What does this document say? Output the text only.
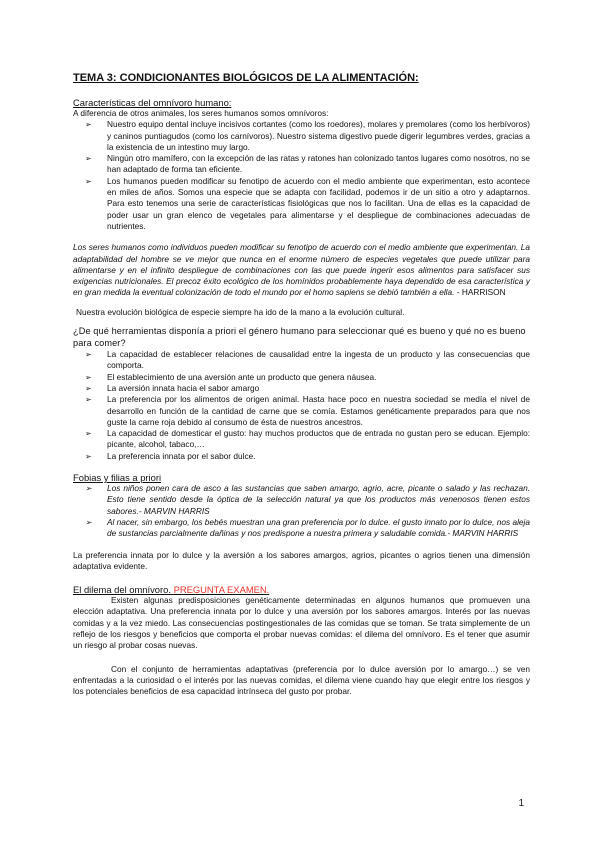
TEMA 3: CONDICIONANTES BIOLÓGICOS DE LA ALIMENTACIÓN:

Características del omnívoro humano:

A diferencia de otros animales, los seres humanos somos omnívoros:

➢ Nuestro equipo dental incluye incisivos cortantes (como los roedores), molares y premolares (como los herbívoros) y caninos puntiagudos (como los carnívoros). Nuestro sistema digestivo puede digerir legumbres verdes, gracias a la existencia de un intestino muy largo.
➢ Ningún otro mamífero, con la excepción de las ratas y ratones han colonizado tantos lugares como nosotros, no se han adaptado de forma tan eficiente.
➢ Los humanos pueden modificar su fenotipo de acuerdo con el medio ambiente que experimentan, esto acontece en miles de años. Somos una especie que se adapta con facilidad, podemos ir de un sitio a otro y adaptarnos. Para esto tenemos una serie de características fisiológicas que nos lo facilitan. Una de ellas es la capacidad de poder usar un gran elenco de vegetales para alimentarse y el despliegue de combinaciones adecuadas de nutrientes.

Los seres humanos como individuos pueden modificar su fenotipo de acuerdo con el medio ambiente que experimentan. La adaptabilidad del hombre se ve mejor que nunca en el enorme número de especies vegetales que puede utilizar para alimentarse y en el infinito despliegue de combinaciones con las que puede ingerir esos alimentos para satisfacer sus exigencias nutricionales. El precoz éxito ecológico de los homínidos probablemente haya dependido de esa característica y en gran medida la eventual colonización de todo el mundo por el homo sapiens se debió también a ella. - HARRISON

Nuestra evolución biológica de especie siempre ha ido de la mano a la evolución cultural.

¿De qué herramientas disponía a priori el género humano para seleccionar qué es bueno y qué no es bueno para comer?

➢ La capacidad de establecer relaciones de causalidad entre la ingesta de un producto y las consecuencias que comporta.
➢ El establecimiento de una aversión ante un producto que genera náusea.
➢ La aversión innata hacia el sabor amargo
➢ La preferencia por los alimentos de origen animal. Hasta hace poco en nuestra sociedad se medía el nivel de desarrollo en función de la cantidad de carne que se comía. Estamos genéticamente preparados para que nos guste la carne roja debido al consumo de ésta de nuestros ancestros.
➢ La capacidad de domesticar el gusto: hay muchos productos que de entrada no gustan pero se educan. Ejemplo: picante, alcohol, tabaco,…
➢ La preferencia innata por el sabor dulce.

Fobias y filias a priori

➢ Los niños ponen cara de asco a las sustancias que saben amargo, agrio, acre, picante o salado y las rechazan. Esto tiene sentido desde la óptica de la selección natural ya que los productos más venenosos tienen estos sabores.- MARVIN HARRIS
➢ Al nacer, sin embargo, los bebés muestran una gran preferencia por lo dulce. el gusto innato por lo dulce, nos aleja de sustancias parcialmente dañinas y nos predispone a nuestra primera y saludable comida.- MARVIN HARRIS

La preferencia innata por lo dulce y la aversión a los sabores amargos, agrios, picantes o agrios tienen una dimensión adaptativa evidente.

El dilema del omnívoro. PREGUNTA EXAMEN.

Existen algunas predisposiciones genéticamente determinadas en algunos humanos que promueven una elección adaptativa. Una preferencia innata por lo dulce y una aversión por los sabores amargos. Interés por las nuevas comidas y a la vez miedo. Las consecuencias postingestionales de las comidas que se toman. Se trata simplemente de un reflejo de los riesgos y beneficios que comporta el probar nuevas comidas: el dilema del omnívoro. Es el tener que asumir un riesgo al probar cosas nuevas.

Con el conjunto de herramientas adaptativas (preferencia por lo dulce aversión por lo amargo…) se ven enfrentadas a la curiosidad o el interés por las nuevas comidas, el dilema viene cuando hay que elegir entre los riesgos y los potenciales beneficios de esa capacidad intrínseca del gusto por probar.

1
